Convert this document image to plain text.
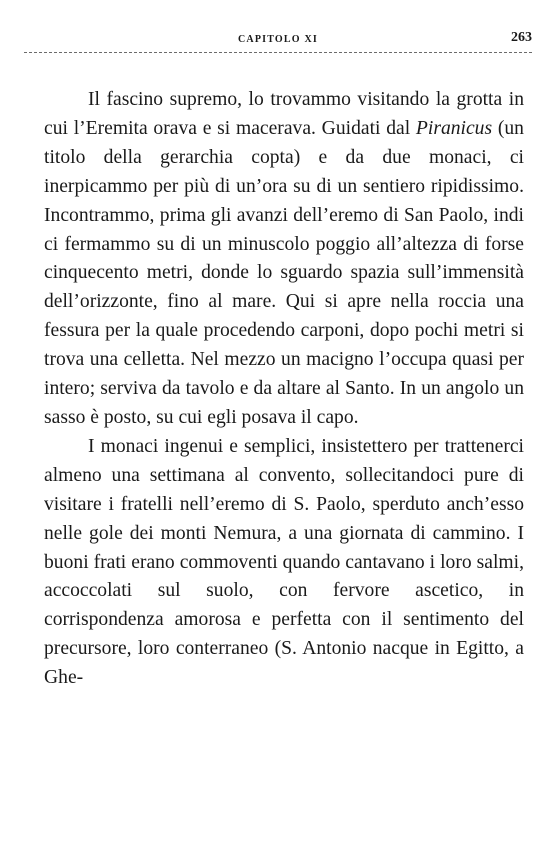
CAPITOLO XI	263

Il fascino supremo, lo trovammo visitando la grotta in cui l’Eremita orava e si macerava. Guidati dal Piranicus (un titolo della gerarchia copta) e da due monaci, ci inerpicammo per più di un’ora su di un sentiero ripidissimo. Incontrammo, prima gli avanzi dell’eremo di San Paolo, indi ci fermammo su di un minuscolo poggio all’altezza di forse cinquecento metri, donde lo sguardo spazia sull’immensità dell’orizzonte, fino al mare. Qui si apre nella roccia una fessura per la quale procedendo carponi, dopo pochi metri si trova una celletta. Nel mezzo un macigno l’occupa quasi per intero; serviva da tavolo e da altare al Santo. In un angolo un sasso è posto, su cui egli posava il capo.

I monaci ingenui e semplici, insistettero per trattenerci almeno una settimana al convento, sollecitandoci pure di visitare i fratelli nell’eremo di S. Paolo, sperduto anch’esso nelle gole dei monti Nemura, a una giornata di cammino. I buoni frati erano commoventi quando cantavano i loro salmi, accoccolati sul suolo, con fervore ascetico, in corrispondenza amorosa e perfetta con il sentimento del precursore, loro conterraneo (S. Antonio nacque in Egitto, a Ghe-
